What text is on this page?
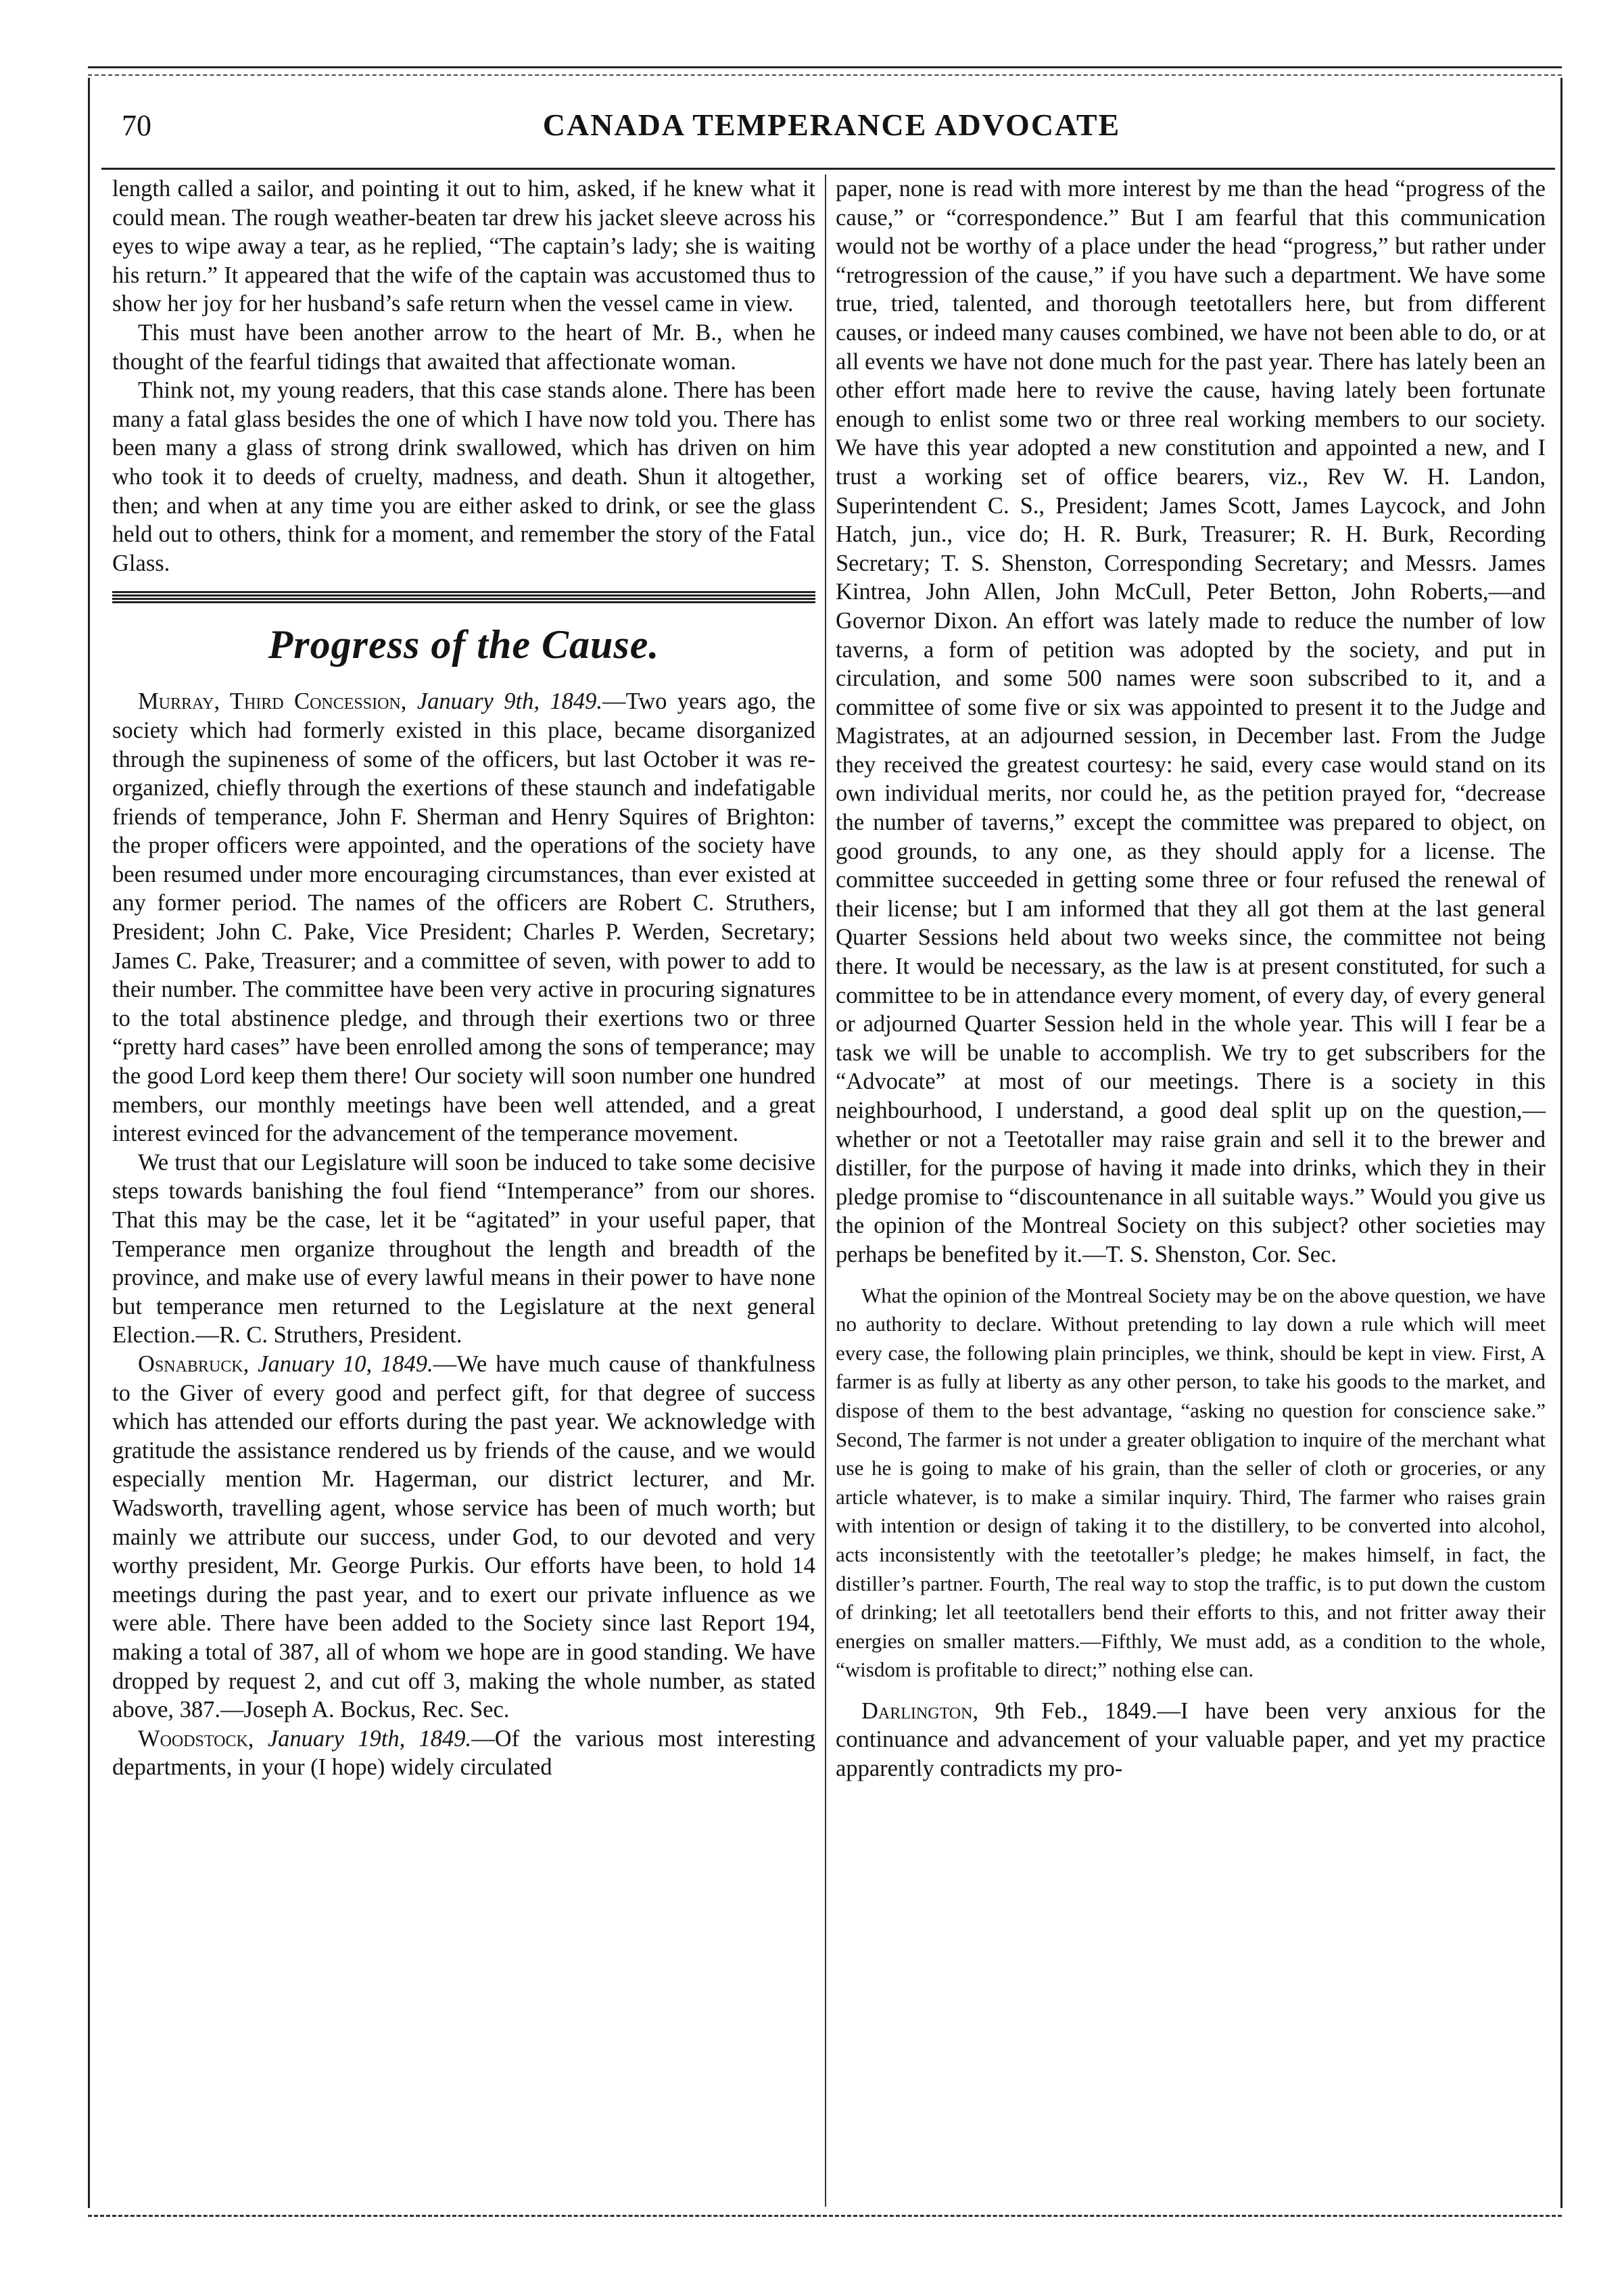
70	CANADA TEMPERANCE ADVOCATE

length called a sailor, and pointing it out to him, asked, if he knew what it could mean. The rough weather-beaten tar drew his jacket sleeve across his eyes to wipe away a tear, as he replied, “The captain’s lady; she is waiting his return.” It appeared that the wife of the captain was accustomed thus to show her joy for her husband’s safe return when the vessel came in view.

This must have been another arrow to the heart of Mr. B., when he thought of the fearful tidings that awaited that affectionate woman.

Think not, my young readers, that this case stands alone. There has been many a fatal glass besides the one of which I have now told you. There has been many a glass of strong drink swallowed, which has driven on him who took it to deeds of cruelty, madness, and death. Shun it altogether, then; and when at any time you are either asked to drink, or see the glass held out to others, think for a moment, and remember the story of the Fatal Glass.

Progress of the Cause.

Murray, Third Concession, January 9th, 1849.—Two years ago, the society which had formerly existed in this place, became disorganized through the supineness of some of the officers, but last October it was re-organized, chiefly through the exertions of these staunch and indefatigable friends of temperance, John F. Sherman and Henry Squires of Brighton: the proper officers were appointed, and the operations of the society have been resumed under more encouraging circumstances, than ever existed at any former period. The names of the officers are Robert C. Struthers, President; John C. Pake, Vice President; Charles P. Werden, Secretary; James C. Pake, Treasurer; and a committee of seven, with power to add to their number. The committee have been very active in procuring signatures to the total abstinence pledge, and through their exertions two or three “pretty hard cases” have been enrolled among the sons of temperance; may the good Lord keep them there! Our society will soon number one hundred members, our monthly meetings have been well attended, and a great interest evinced for the advancement of the temperance movement.

We trust that our Legislature will soon be induced to take some decisive steps towards banishing the foul fiend “Intemperance” from our shores. That this may be the case, let it be “agitated” in your useful paper, that Temperance men organize throughout the length and breadth of the province, and make use of every lawful means in their power to have none but temperance men returned to the Legislature at the next general Election.—R. C. Struthers, President.

Osnabruck, January 10, 1849.—We have much cause of thankfulness to the Giver of every good and perfect gift, for that degree of success which has attended our efforts during the past year. We acknowledge with gratitude the assistance rendered us by friends of the cause, and we would especially mention Mr. Hagerman, our district lecturer, and Mr. Wadsworth, travelling agent, whose service has been of much worth; but mainly we attribute our success, under God, to our devoted and very worthy president, Mr. George Purkis. Our efforts have been, to hold 14 meetings during the past year, and to exert our private influence as we were able. There have been added to the Society since last Report 194, making a total of 387, all of whom we hope are in good standing. We have dropped by request 2, and cut off 3, making the whole number, as stated above, 387.—Joseph A. Bockus, Rec. Sec.

Woodstock, January 19th, 1849.—Of the various most interesting departments, in your (I hope) widely circulated

paper, none is read with more interest by me than the head “progress of the cause,” or “correspondence.” But I am fearful that this communication would not be worthy of a place under the head “progress,” but rather under “retrogression of the cause,” if you have such a department. We have some true, tried, talented, and thorough teetotallers here, but from different causes, or indeed many causes combined, we have not been able to do, or at all events we have not done much for the past year. There has lately been an other effort made here to revive the cause, having lately been fortunate enough to enlist some two or three real working members to our society. We have this year adopted a new constitution and appointed a new, and I trust a working set of office bearers, viz., Rev W. H. Landon, Superintendent C. S., President; James Scott, James Laycock, and John Hatch, jun., vice do; H. R. Burk, Treasurer; R. H. Burk, Recording Secretary; T. S. Shenston, Corresponding Secretary; and Messrs. James Kintrea, John Allen, John McCull, Peter Betton, John Roberts,—and Governor Dixon. An effort was lately made to reduce the number of low taverns, a form of petition was adopted by the society, and put in circulation, and some 500 names were soon subscribed to it, and a committee of some five or six was appointed to present it to the Judge and Magistrates, at an adjourned session, in December last. From the Judge they received the greatest courtesy: he said, every case would stand on its own individual merits, nor could he, as the petition prayed for, “decrease the number of taverns,” except the committee was prepared to object, on good grounds, to any one, as they should apply for a license. The committee succeeded in getting some three or four refused the renewal of their license; but I am informed that they all got them at the last general Quarter Sessions held about two weeks since, the committee not being there. It would be necessary, as the law is at present constituted, for such a committee to be in attendance every moment, of every day, of every general or adjourned Quarter Session held in the whole year. This will I fear be a task we will be unable to accomplish. We try to get subscribers for the “Advocate” at most of our meetings. There is a society in this neighbourhood, I understand, a good deal split up on the question,—whether or not a Teetotaller may raise grain and sell it to the brewer and distiller, for the purpose of having it made into drinks, which they in their pledge promise to “discountenance in all suitable ways.” Would you give us the opinion of the Montreal Society on this subject? other societies may perhaps be benefited by it.—T. S. Shenston, Cor. Sec.

What the opinion of the Montreal Society may be on the above question, we have no authority to declare. Without pretending to lay down a rule which will meet every case, the following plain principles, we think, should be kept in view. First, A farmer is as fully at liberty as any other person, to take his goods to the market, and dispose of them to the best advantage, “asking no question for conscience sake.” Second, The farmer is not under a greater obligation to inquire of the merchant what use he is going to make of his grain, than the seller of cloth or groceries, or any article whatever, is to make a similar inquiry. Third, The farmer who raises grain with intention or design of taking it to the distillery, to be converted into alcohol, acts inconsistently with the teetotaller’s pledge; he makes himself, in fact, the distiller’s partner. Fourth, The real way to stop the traffic, is to put down the custom of drinking; let all teetotallers bend their efforts to this, and not fritter away their energies on smaller matters.—Fifthly, We must add, as a condition to the whole, “wisdom is profitable to direct;” nothing else can.

Darlington, 9th Feb., 1849.—I have been very anxious for the continuance and advancement of your valuable paper, and yet my practice apparently contradicts my pro-
